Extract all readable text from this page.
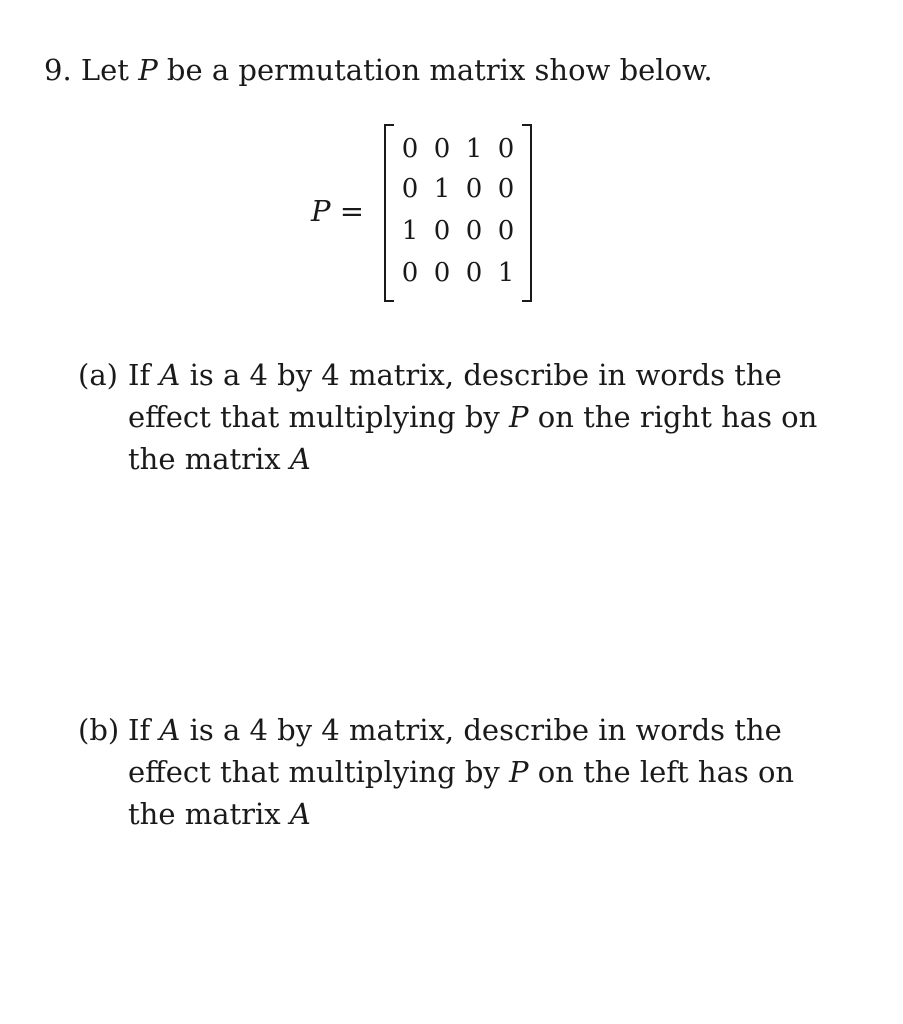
9. Let P be a permutation matrix show below.
P =
0 0 1 0
0 1 0 0
1 0 0 0
0 0 0 1
(a) If A is a 4 by 4 matrix, describe in words the
effect that multiplying by P on the right has on
the matrix A
(b) If A is a 4 by 4 matrix, describe in words the
effect that multiplying by P on the left has on
the matrix A
